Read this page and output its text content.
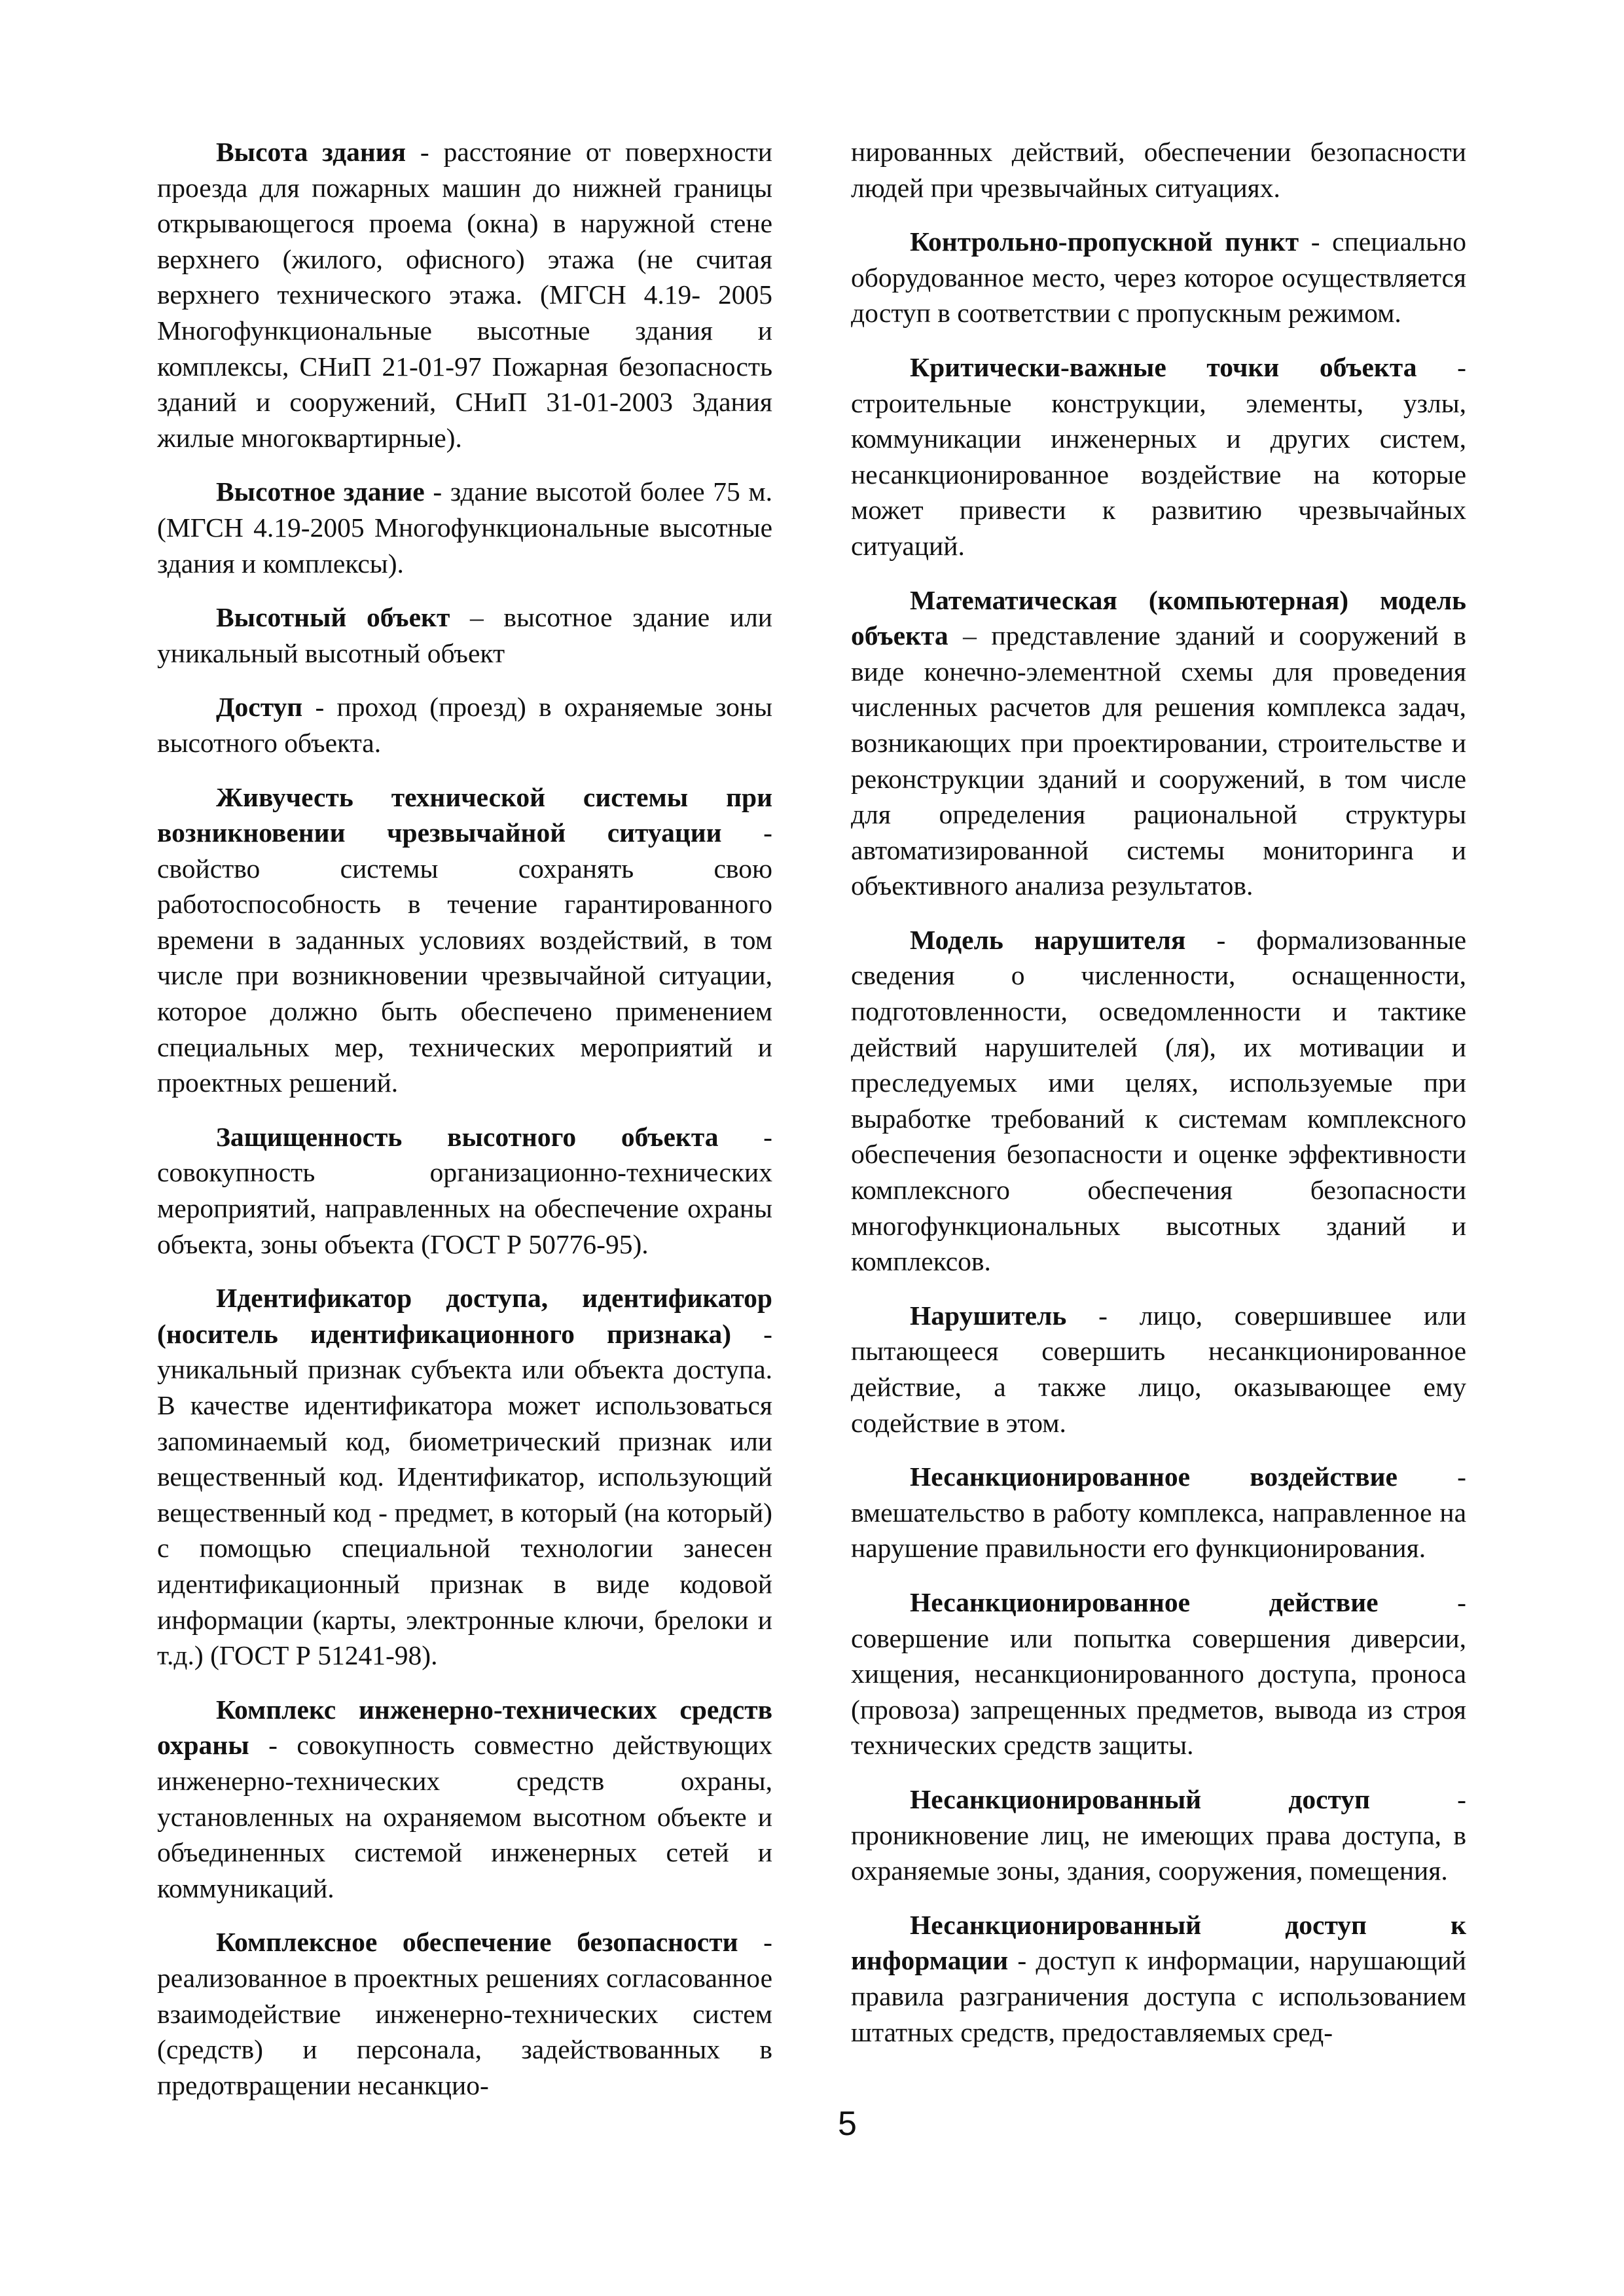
Высота здания - расстояние от поверхности проезда для пожарных машин до нижней границы открывающегося проема (окна) в наружной стене верхнего (жилого, офисного) этажа (не считая верхнего технического этажа. (МГСН 4.19- 2005 Многофункциональные высотные здания и комплексы, СНиП 21-01-97 Пожарная безопасность зданий и сооружений, СНиП 31-01-2003 Здания жилые многоквартирные).

Высотное здание - здание высотой более 75 м. (МГСН 4.19-2005 Многофункциональные высотные здания и комплексы).

Высотный объект – высотное здание или уникальный высотный объект

Доступ - проход (проезд) в охраняемые зоны высотного объекта.

Живучесть технической системы при возникновении чрезвычайной ситуации - свойство системы сохранять свою работоспособность в течение гарантированного времени в заданных условиях воздействий, в том числе при возникновении чрезвычайной ситуации, которое должно быть обеспечено применением специальных мер, технических мероприятий и проектных решений.

Защищенность высотного объекта - совокупность организационно-технических мероприятий, направленных на обеспечение охраны объекта, зоны объекта (ГОСТ Р 50776-95).

Идентификатор доступа, идентификатор (носитель идентификационного признака) - уникальный признак субъекта или объекта доступа. В качестве идентификатора может использоваться запоминаемый код, биометрический признак или вещественный код. Идентификатор, использующий вещественный код - предмет, в который (на который) с помощью специальной технологии занесен идентификационный признак в виде кодовой информации (карты, электронные ключи, брелоки и т.д.) (ГОСТ Р 51241-98).

Комплекс инженерно-технических средств охраны - совокупность совместно действующих инженерно-технических средств охраны, установленных на охраняемом высотном объекте и объединенных системой инженерных сетей и коммуникаций.

Комплексное обеспечение безопасности - реализованное в проектных решениях согласованное взаимодействие инженерно-технических систем (средств) и персонала, задействованных в предотвращении несанкцио-

нированных действий, обеспечении безопасности людей при чрезвычайных ситуациях.

Контрольно-пропускной пункт - специально оборудованное место, через которое осуществляется доступ в соответствии с пропускным режимом.

Критически-важные точки объекта - строительные конструкции, элементы, узлы, коммуникации инженерных и других систем, несанкционированное воздействие на которые может привести к развитию чрезвычайных ситуаций.

Математическая (компьютерная) модель объекта – представление зданий и сооружений в виде конечно-элементной схемы для проведения численных расчетов для решения комплекса задач, возникающих при проектировании, строительстве и реконструкции зданий и сооружений, в том числе для определения рациональной структуры автоматизированной системы мониторинга и объективного анализа результатов.

Модель нарушителя - формализованные сведения о численности, оснащенности, подготовленности, осведомленности и тактике действий нарушителей (ля), их мотивации и преследуемых ими целях, используемые при выработке требований к системам комплексного обеспечения безопасности и оценке эффективности комплексного обеспечения безопасности многофункциональных высотных зданий и комплексов.

Нарушитель - лицо, совершившее или пытающееся совершить несанкционированное действие, а также лицо, оказывающее ему содействие в этом.

Несанкционированное воздействие - вмешательство в работу комплекса, направленное на нарушение правильности его функционирования.

Несанкционированное действие - совершение или попытка совершения диверсии, хищения, несанкционированного доступа, проноса (провоза) запрещенных предметов, вывода из строя технических средств защиты.

Несанкционированный доступ - проникновение лиц, не имеющих права доступа, в охраняемые зоны, здания, сооружения, помещения.

Несанкционированный доступ к информации - доступ к информации, нарушающий правила разграничения доступа с использованием штатных средств, предоставляемых сред-

5
